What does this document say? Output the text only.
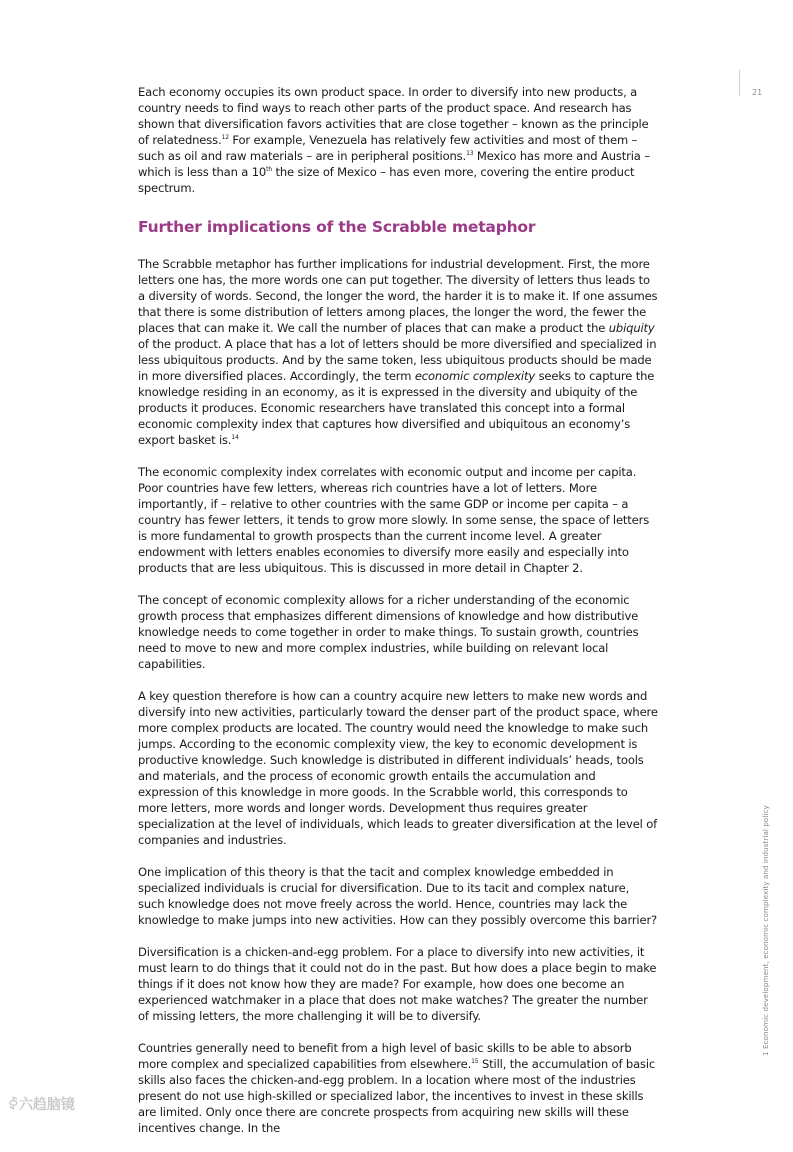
21
1 Economic development, economic complexity and industrial policy

Each economy occupies its own product space. In order to diversify into new products, a country needs to find ways to reach other parts of the product space. And research has shown that diversification favors activities that are close together – known as the principle of relatedness.$^{12}$ For example, Venezuela has relatively few activities and most of them – such as oil and raw materials – are in peripheral positions.$^{13}$ Mexico has more and Austria – which is less than a 10th the size of Mexico – has even more, covering the entire product spectrum.

Further implications of the Scrabble metaphor

The Scrabble metaphor has further implications for industrial development. First, the more letters one has, the more words one can put together. The diversity of letters thus leads to a diversity of words. Second, the longer the word, the harder it is to make it. If one assumes that there is some distribution of letters among places, the longer the word, the fewer the places that can make it. We call the number of places that can make a product the ubiquity of the product. A place that has a lot of letters should be more diversified and specialized in less ubiquitous products. And by the same token, less ubiquitous products should be made in more diversified places. Accordingly, the term economic complexity seeks to capture the knowledge residing in an economy, as it is expressed in the diversity and ubiquity of the products it produces. Economic researchers have translated this concept into a formal economic complexity index that captures how diversified and ubiquitous an economy’s export basket is.$^{14}$

The economic complexity index correlates with economic output and income per capita. Poor countries have few letters, whereas rich countries have a lot of letters. More importantly, if – relative to other countries with the same GDP or income per capita – a country has fewer letters, it tends to grow more slowly. In some sense, the space of letters is more fundamental to growth prospects than the current income level. A greater endowment with letters enables economies to diversify more easily and especially into products that are less ubiquitous. This is discussed in more detail in Chapter 2.

The concept of economic complexity allows for a richer understanding of the economic growth process that emphasizes different dimensions of knowledge and how distributive knowledge needs to come together in order to make things. To sustain growth, countries need to move to new and more complex industries, while building on relevant local capabilities.

A key question therefore is how can a country acquire new letters to make new words and diversify into new activities, particularly toward the denser part of the product space, where more complex products are located. The country would need the knowledge to make such jumps. According to the economic complexity view, the key to economic development is productive knowledge. Such knowledge is distributed in different individuals’ heads, tools and materials, and the process of economic growth entails the accumulation and expression of this knowledge in more goods. In the Scrabble world, this corresponds to more letters, more words and longer words. Development thus requires greater specialization at the level of individuals, which leads to greater diversification at the level of companies and industries.

One implication of this theory is that the tacit and complex knowledge embedded in specialized individuals is crucial for diversification. Due to its tacit and complex nature, such knowledge does not move freely across the world. Hence, countries may lack the knowledge to make jumps into new activities. How can they possibly overcome this barrier?

Diversification is a chicken-and-egg problem. For a place to diversify into new activities, it must learn to do things that it could not do in the past. But how does a place begin to make things if it does not know how they are made? For example, how does one become an experienced watchmaker in a place that does not make watches? The greater the number of missing letters, the more challenging it will be to diversify.

Countries generally need to benefit from a high level of basic skills to be able to absorb more complex and specialized capabilities from elsewhere.$^{15}$ Still, the accumulation of basic skills also faces the chicken-and-egg problem. In a location where most of the industries present do not use high-skilled or specialized labor, the incentives to invest in these skills are limited. Only once there are concrete prospects from acquiring new skills will these incentives change. In the

ꀆ六趋脑镜
